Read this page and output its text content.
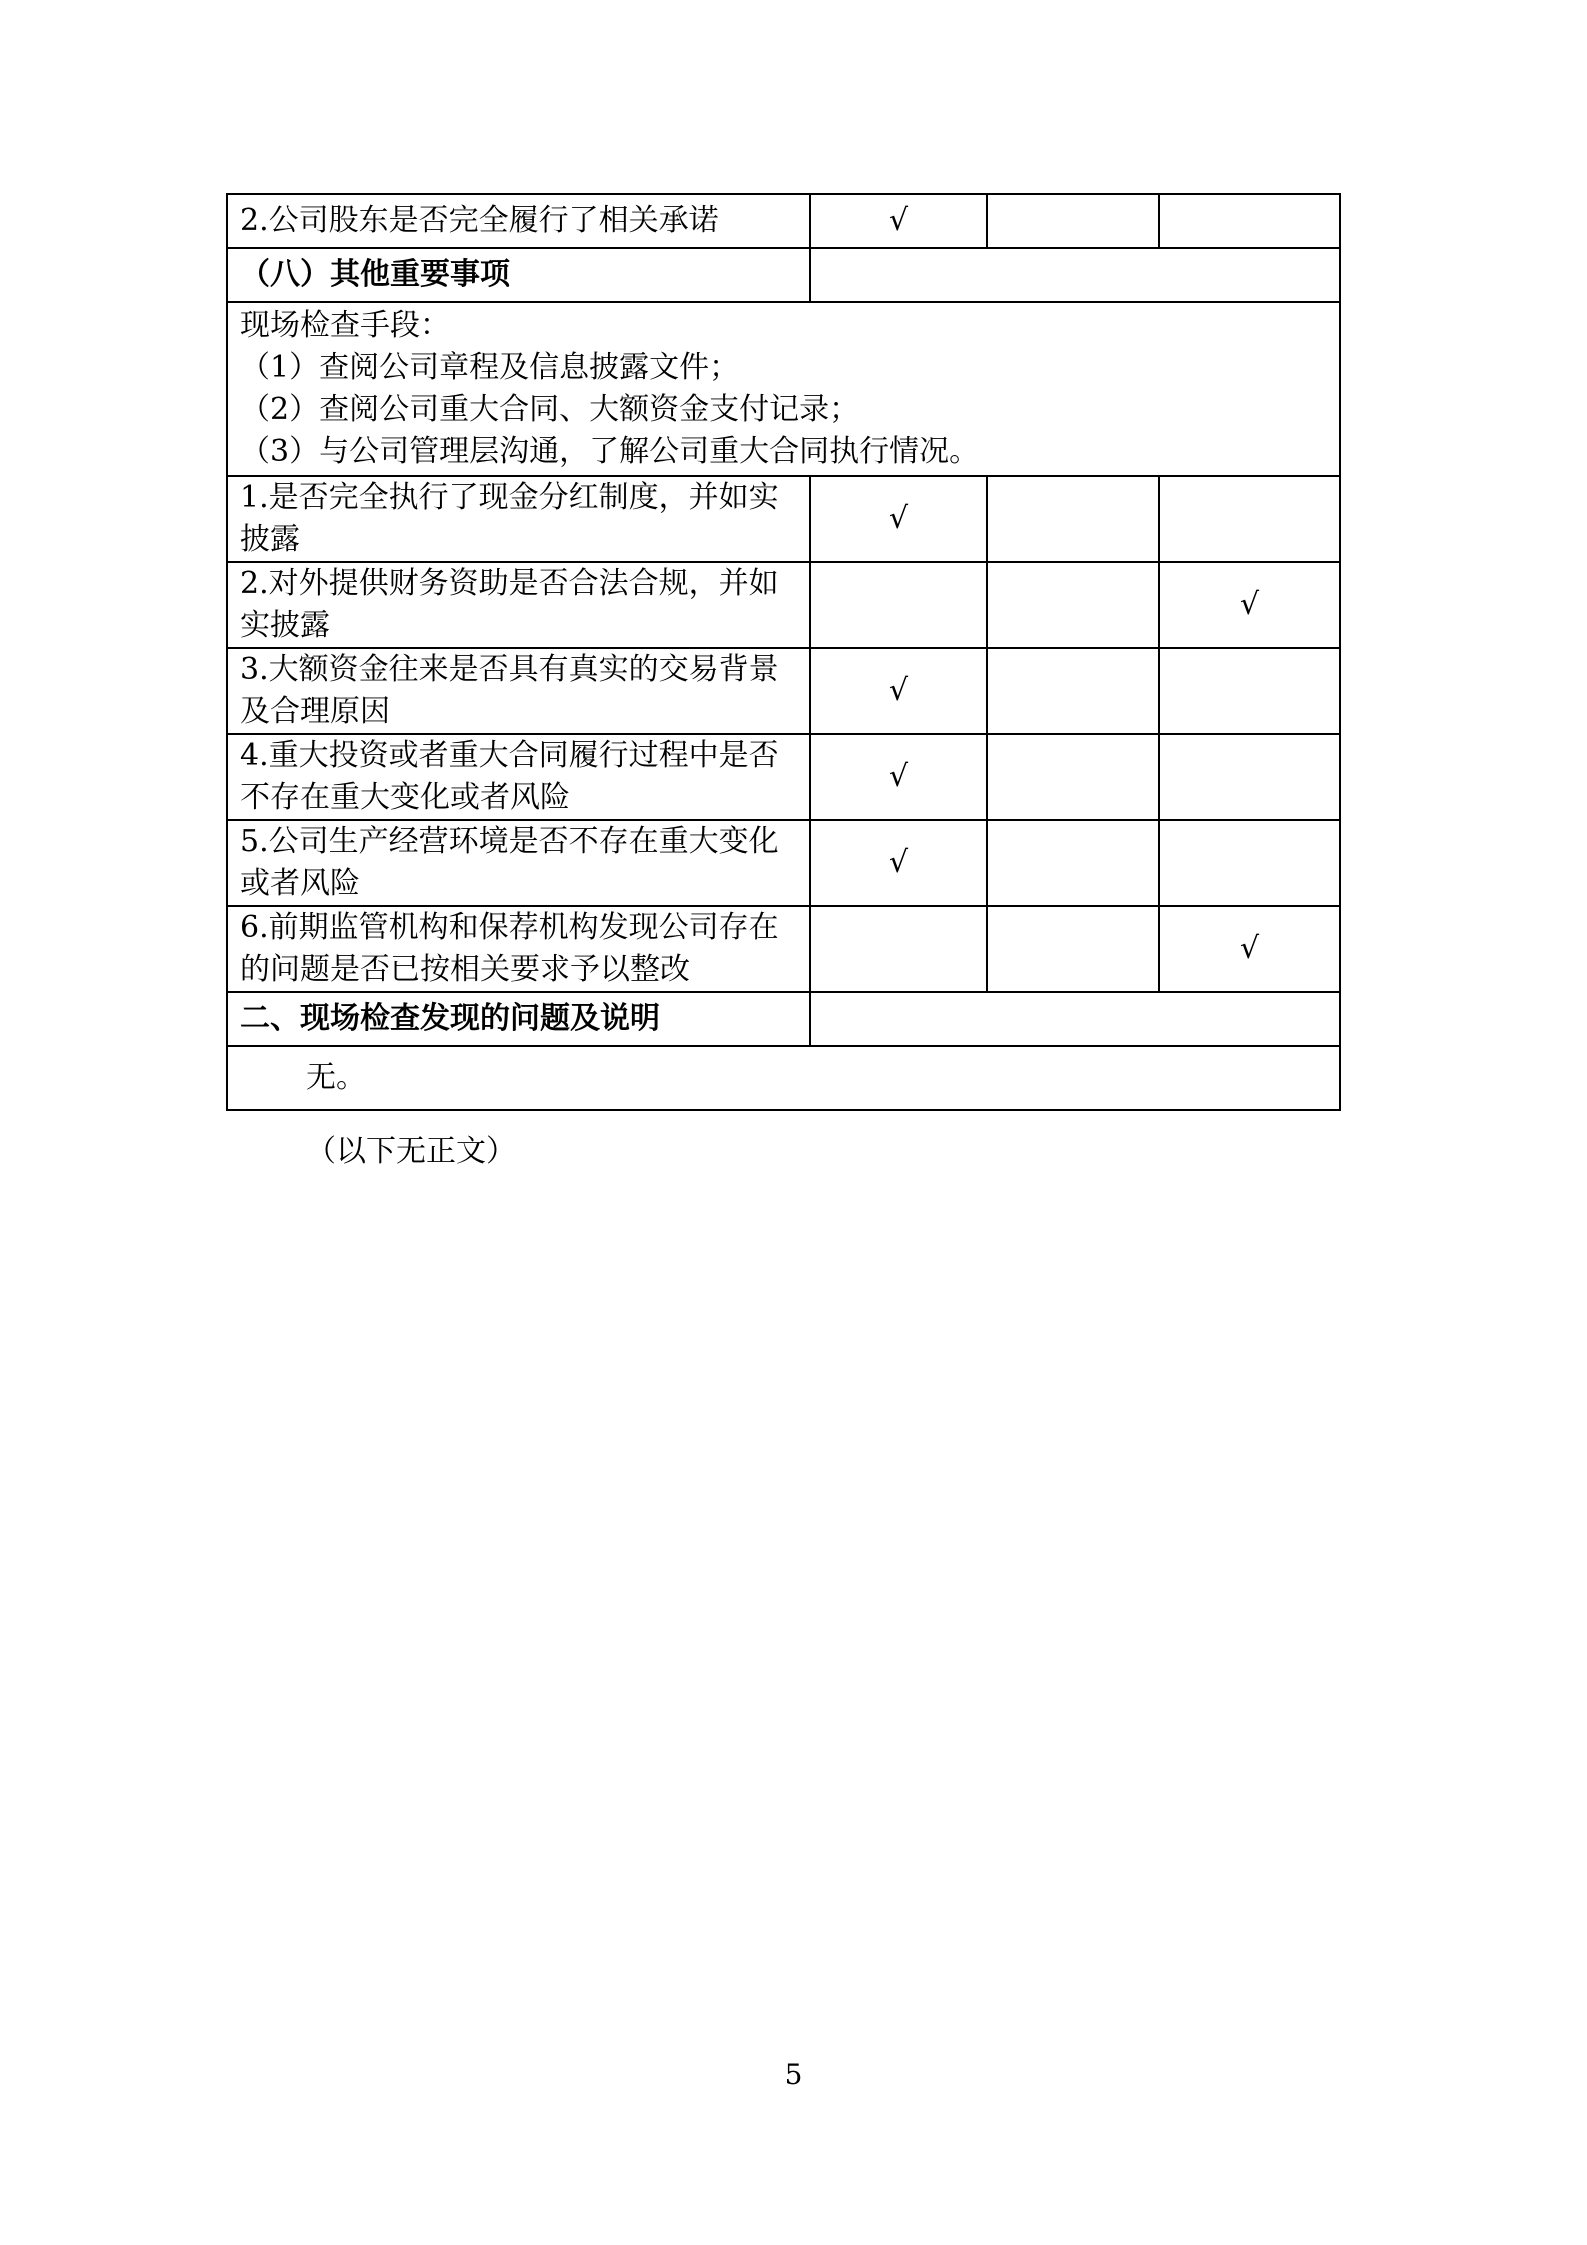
2.公司股东是否完全履行了相关承诺	√		
（八）其他重要事项			

现场检查手段：
（1）查阅公司章程及信息披露文件；
（2）查阅公司重大合同、大额资金支付记录；
（3）与公司管理层沟通，了解公司重大合同执行情况。			

1.是否完全执行了现金分红制度，并如实披露	√		
2.对外提供财务资助是否合法合规，并如实披露			√
3.大额资金往来是否具有真实的交易背景及合理原因	√		
4.重大投资或者重大合同履行过程中是否不存在重大变化或者风险	√		
5.公司生产经营环境是否不存在重大变化或者风险	√		
6.前期监管机构和保荐机构发现公司存在的问题是否已按相关要求予以整改			√
二、现场检查发现的问题及说明			
无。			
（以下无正文）
5
